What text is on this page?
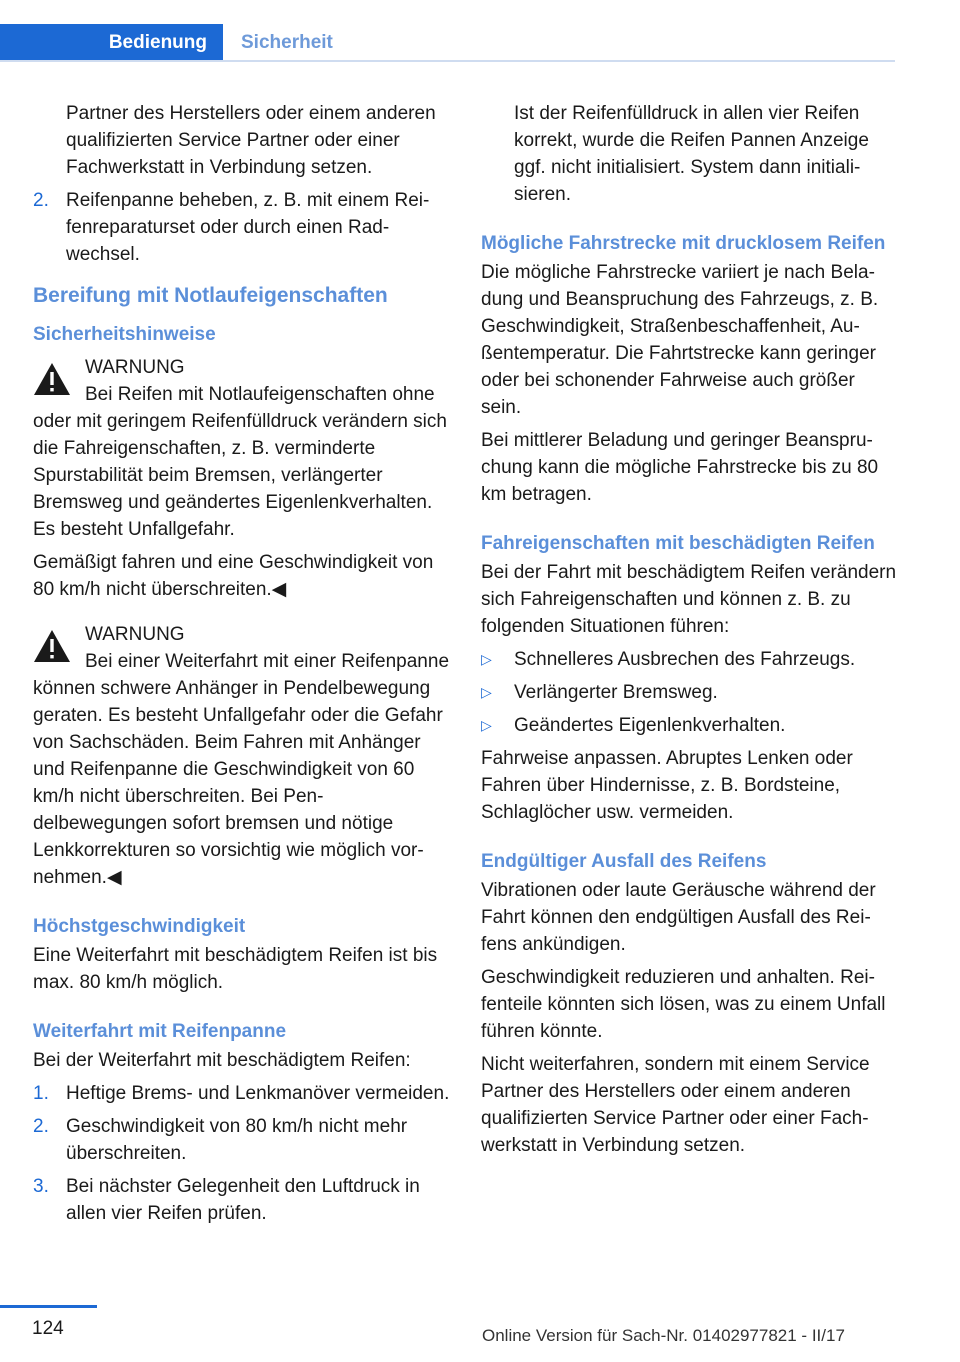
Bedienung Sicherheit

Partner des Herstellers oder einem anderen qualifizierten Service Partner oder einer Fachwerkstatt in Verbindung setzen.

2. Reifenpanne beheben, z. B. mit einem Reifenreparaturset oder durch einen Radwechsel.
Bereifung mit Notlaufeigenschaften
Sicherheitshinweise
WARNUNG

Bei Reifen mit Notlaufeigenschaften ohne oder mit geringem Reifenfülldruck verändern sich die Fahreigenschaften, z. B. verminderte Spurstabilität beim Bremsen, verlängerter Bremsweg und geändertes Eigenlenkverhalten. Es besteht Unfallgefahr.

Gemäßigt fahren und eine Geschwindigkeit von 80 km/h nicht überschreiten.◀

WARNUNG

Bei einer Weiterfahrt mit einer Reifenpanne können schwere Anhänger in Pendelbewegung geraten. Es besteht Unfallgefahr oder die Gefahr von Sachschäden. Beim Fahren mit Anhänger und Reifenpanne die Geschwindigkeit von 60 km/h nicht überschreiten. Bei Pendelbewegungen sofort bremsen und nötige Lenkkorrekturen so vorsichtig wie möglich vornehmen.◀

Höchstgeschwindigkeit

Eine Weiterfahrt mit beschädigtem Reifen ist bis max. 80 km/h möglich.

Weiterfahrt mit Reifenpanne

Bei der Weiterfahrt mit beschädigtem Reifen:

1. Heftige Brems- und Lenkmanöver vermeiden.
2. Geschwindigkeit von 80 km/h nicht mehr überschreiten.
3. Bei nächster Gelegenheit den Luftdruck in allen vier Reifen prüfen.

Ist der Reifenfülldruck in allen vier Reifen korrekt, wurde die Reifen Pannen Anzeige ggf. nicht initialisiert. System dann initialisieren.

Mögliche Fahrstrecke mit drucklosem Reifen

Die mögliche Fahrstrecke variiert je nach Beladung und Beanspruchung des Fahrzeugs, z. B. Geschwindigkeit, Straßenbeschaffenheit, Außentemperatur. Die Fahrtstrecke kann geringer oder bei schonender Fahrweise auch größer sein.

Bei mittlerer Beladung und geringer Beanspruchung kann die mögliche Fahrstrecke bis zu 80 km betragen.

Fahreigenschaften mit beschädigten Reifen

Bei der Fahrt mit beschädigtem Reifen verändern sich Fahreigenschaften und können z. B. zu folgenden Situationen führen:

▷ Schnelleres Ausbrechen des Fahrzeugs.
▷ Verlängerter Bremsweg.
▷ Geändertes Eigenlenkverhalten.

Fahrweise anpassen. Abruptes Lenken oder Fahren über Hindernisse, z. B. Bordsteine, Schlaglöcher usw. vermeiden.

Endgültiger Ausfall des Reifens

Vibrationen oder laute Geräusche während der Fahrt können den endgültigen Ausfall des Reifens ankündigen.

Geschwindigkeit reduzieren und anhalten. Reifenteile könnten sich lösen, was zu einem Unfall führen könnte.

Nicht weiterfahren, sondern mit einem Service Partner des Herstellers oder einem anderen qualifizierten Service Partner oder einer Fachwerkstatt in Verbindung setzen.

124	Online Version für Sach-Nr. 01402977821 - II/17
